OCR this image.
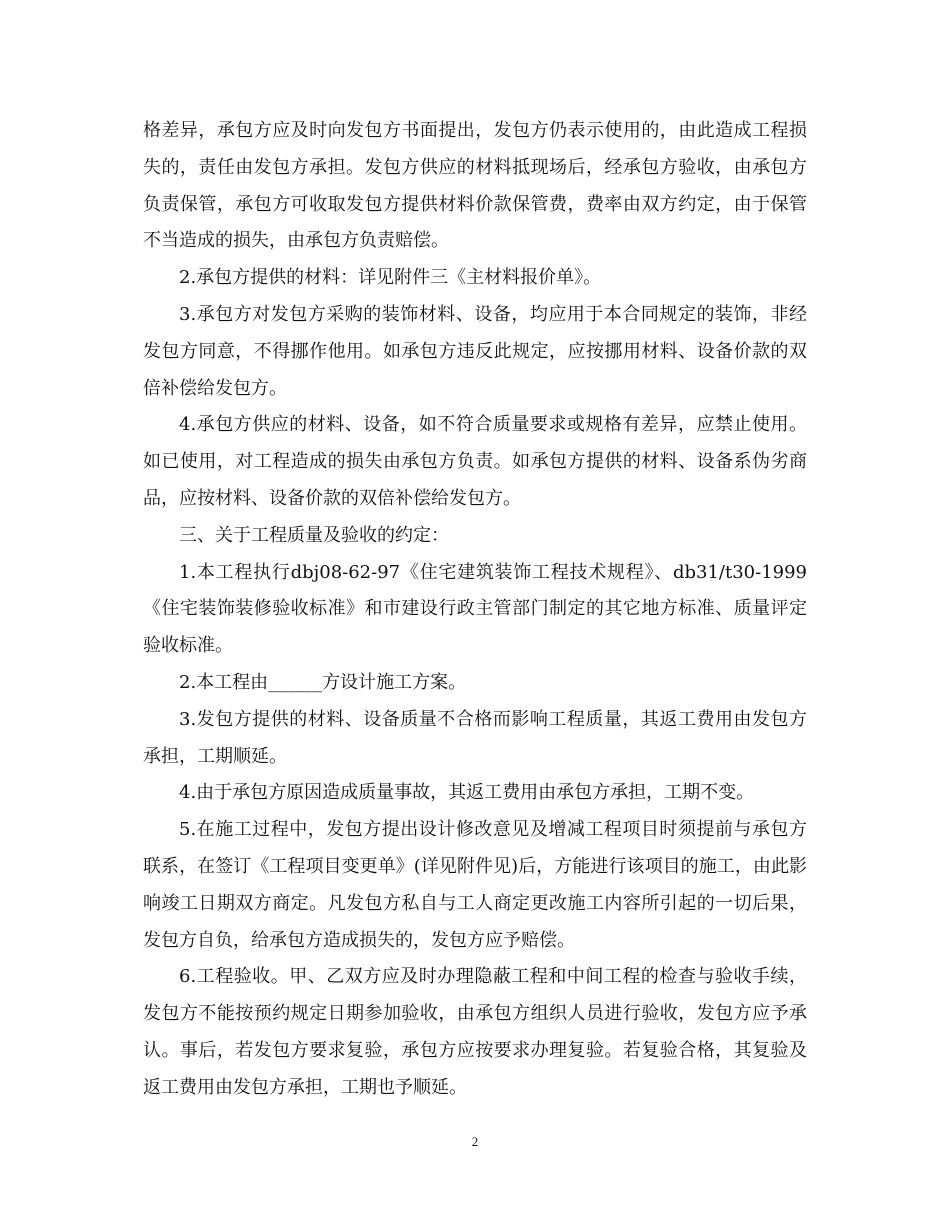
格差异，承包方应及时向发包方书面提出，发包方仍表示使用的，由此造成工程损失的，责任由发包方承担。发包方供应的材料抵现场后，经承包方验收，由承包方负责保管，承包方可收取发包方提供材料价款保管费，费率由双方约定，由于保管不当造成的损失，由承包方负责赔偿。

2.承包方提供的材料：详见附件三《主材料报价单》。

3.承包方对发包方采购的装饰材料、设备，均应用于本合同规定的装饰，非经发包方同意，不得挪作他用。如承包方违反此规定，应按挪用材料、设备价款的双倍补偿给发包方。

4.承包方供应的材料、设备，如不符合质量要求或规格有差异，应禁止使用。如已使用，对工程造成的损失由承包方负责。如承包方提供的材料、设备系伪劣商品，应按材料、设备价款的双倍补偿给发包方。

三、关于工程质量及验收的约定：

1.本工程执行dbj08-62-97《住宅建筑装饰工程技术规程》、db31/t30-1999《住宅装饰装修验收标准》和市建设行政主管部门制定的其它地方标准、质量评定验收标准。

2.本工程由______方设计施工方案。

3.发包方提供的材料、设备质量不合格而影响工程质量，其返工费用由发包方承担，工期顺延。

4.由于承包方原因造成质量事故，其返工费用由承包方承担，工期不变。

5.在施工过程中，发包方提出设计修改意见及增减工程项目时须提前与承包方联系，在签订《工程项目变更单》(详见附件见)后，方能进行该项目的施工，由此影响竣工日期双方商定。凡发包方私自与工人商定更改施工内容所引起的一切后果，发包方自负，给承包方造成损失的，发包方应予赔偿。

6.工程验收。甲、乙双方应及时办理隐蔽工程和中间工程的检查与验收手续，发包方不能按预约规定日期参加验收，由承包方组织人员进行验收，发包方应予承认。事后，若发包方要求复验，承包方应按要求办理复验。若复验合格，其复验及返工费用由发包方承担，工期也予顺延。

2
